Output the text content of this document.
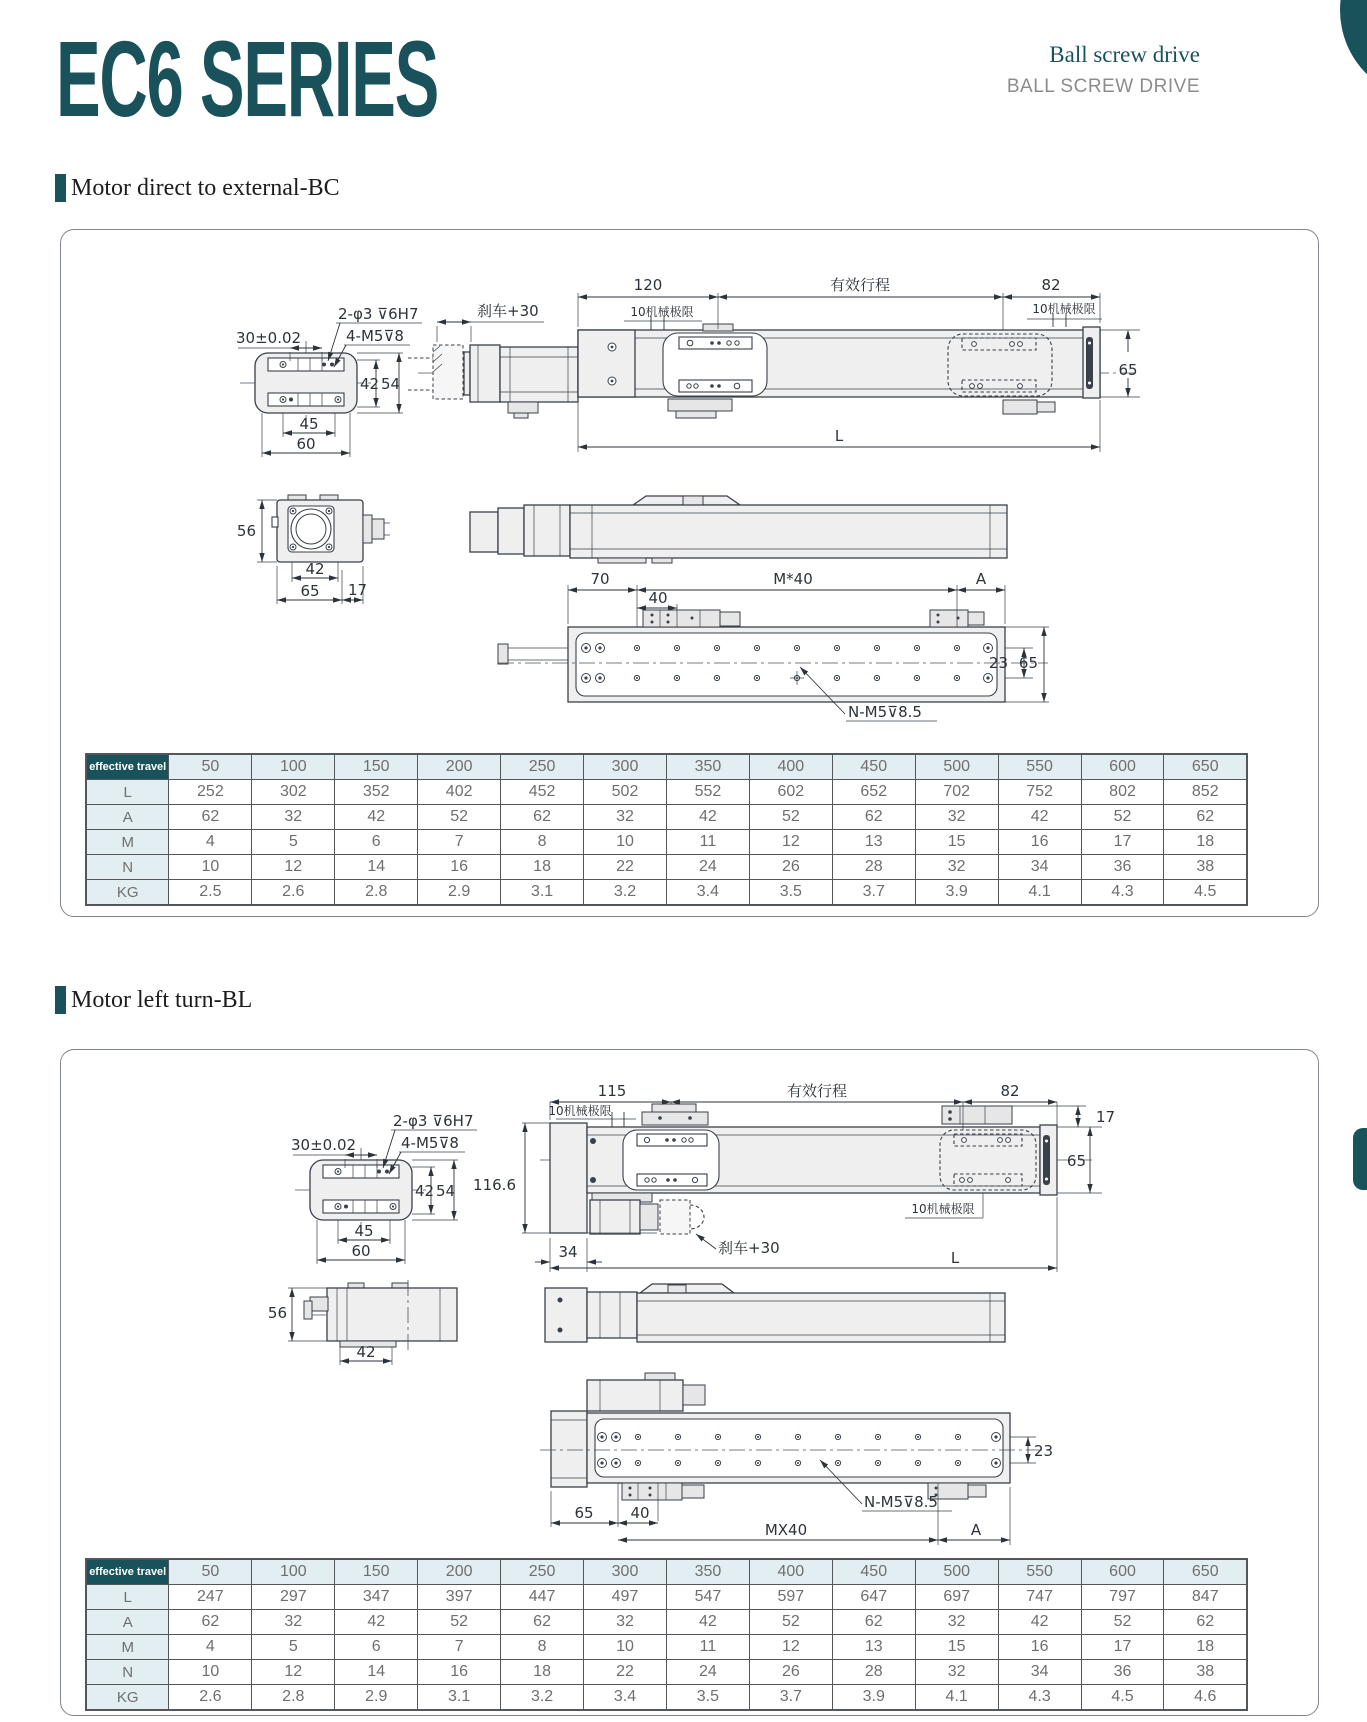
EC6 SERIES	Ball screw drive
BALL SCREW DRIVE
Motor direct to external-BC
30±0.02
2-φ3 ⊽6H7
4-M5⊽8
42 54
45
60
120	有效行程	82
10机械极限	10机械极限
65
刹车+30
L
56
42
65 17
70	M*40	A
40
23 65
N-M5⊽8.5
effective travel	50	100	150	200	250	300	350	400	450	500	550	600	650
L	252	302	352	402	452	502	552	602	652	702	752	802	852
A	62	32	42	52	62	32	42	52	62	32	42	52	62
M	4	5	6	7	8	10	11	12	13	15	16	17	18
N	10	12	14	16	18	22	24	26	28	32	34	36	38
KG	2.5	2.6	2.8	2.9	3.1	3.2	3.4	3.5	3.7	3.9	4.1	4.3	4.5
Motor left turn-BL
30±0.02
2-φ3 ⊽6H7
4-M5⊽8
42 54
45
60
115	有效行程	82
10机械极限
116.6
17
65
10机械极限
刹车+30
34	L
56
42
65 40
MX40	A
23
N-M5⊽8.5
effective travel	50	100	150	200	250	300	350	400	450	500	550	600	650
L	247	297	347	397	447	497	547	597	647	697	747	797	847
A	62	32	42	52	62	32	42	52	62	32	42	52	62
M	4	5	6	7	8	10	11	12	13	15	16	17	18
N	10	12	14	16	18	22	24	26	28	32	34	36	38
KG	2.6	2.8	2.9	3.1	3.2	3.4	3.5	3.7	3.9	4.1	4.3	4.5	4.6
